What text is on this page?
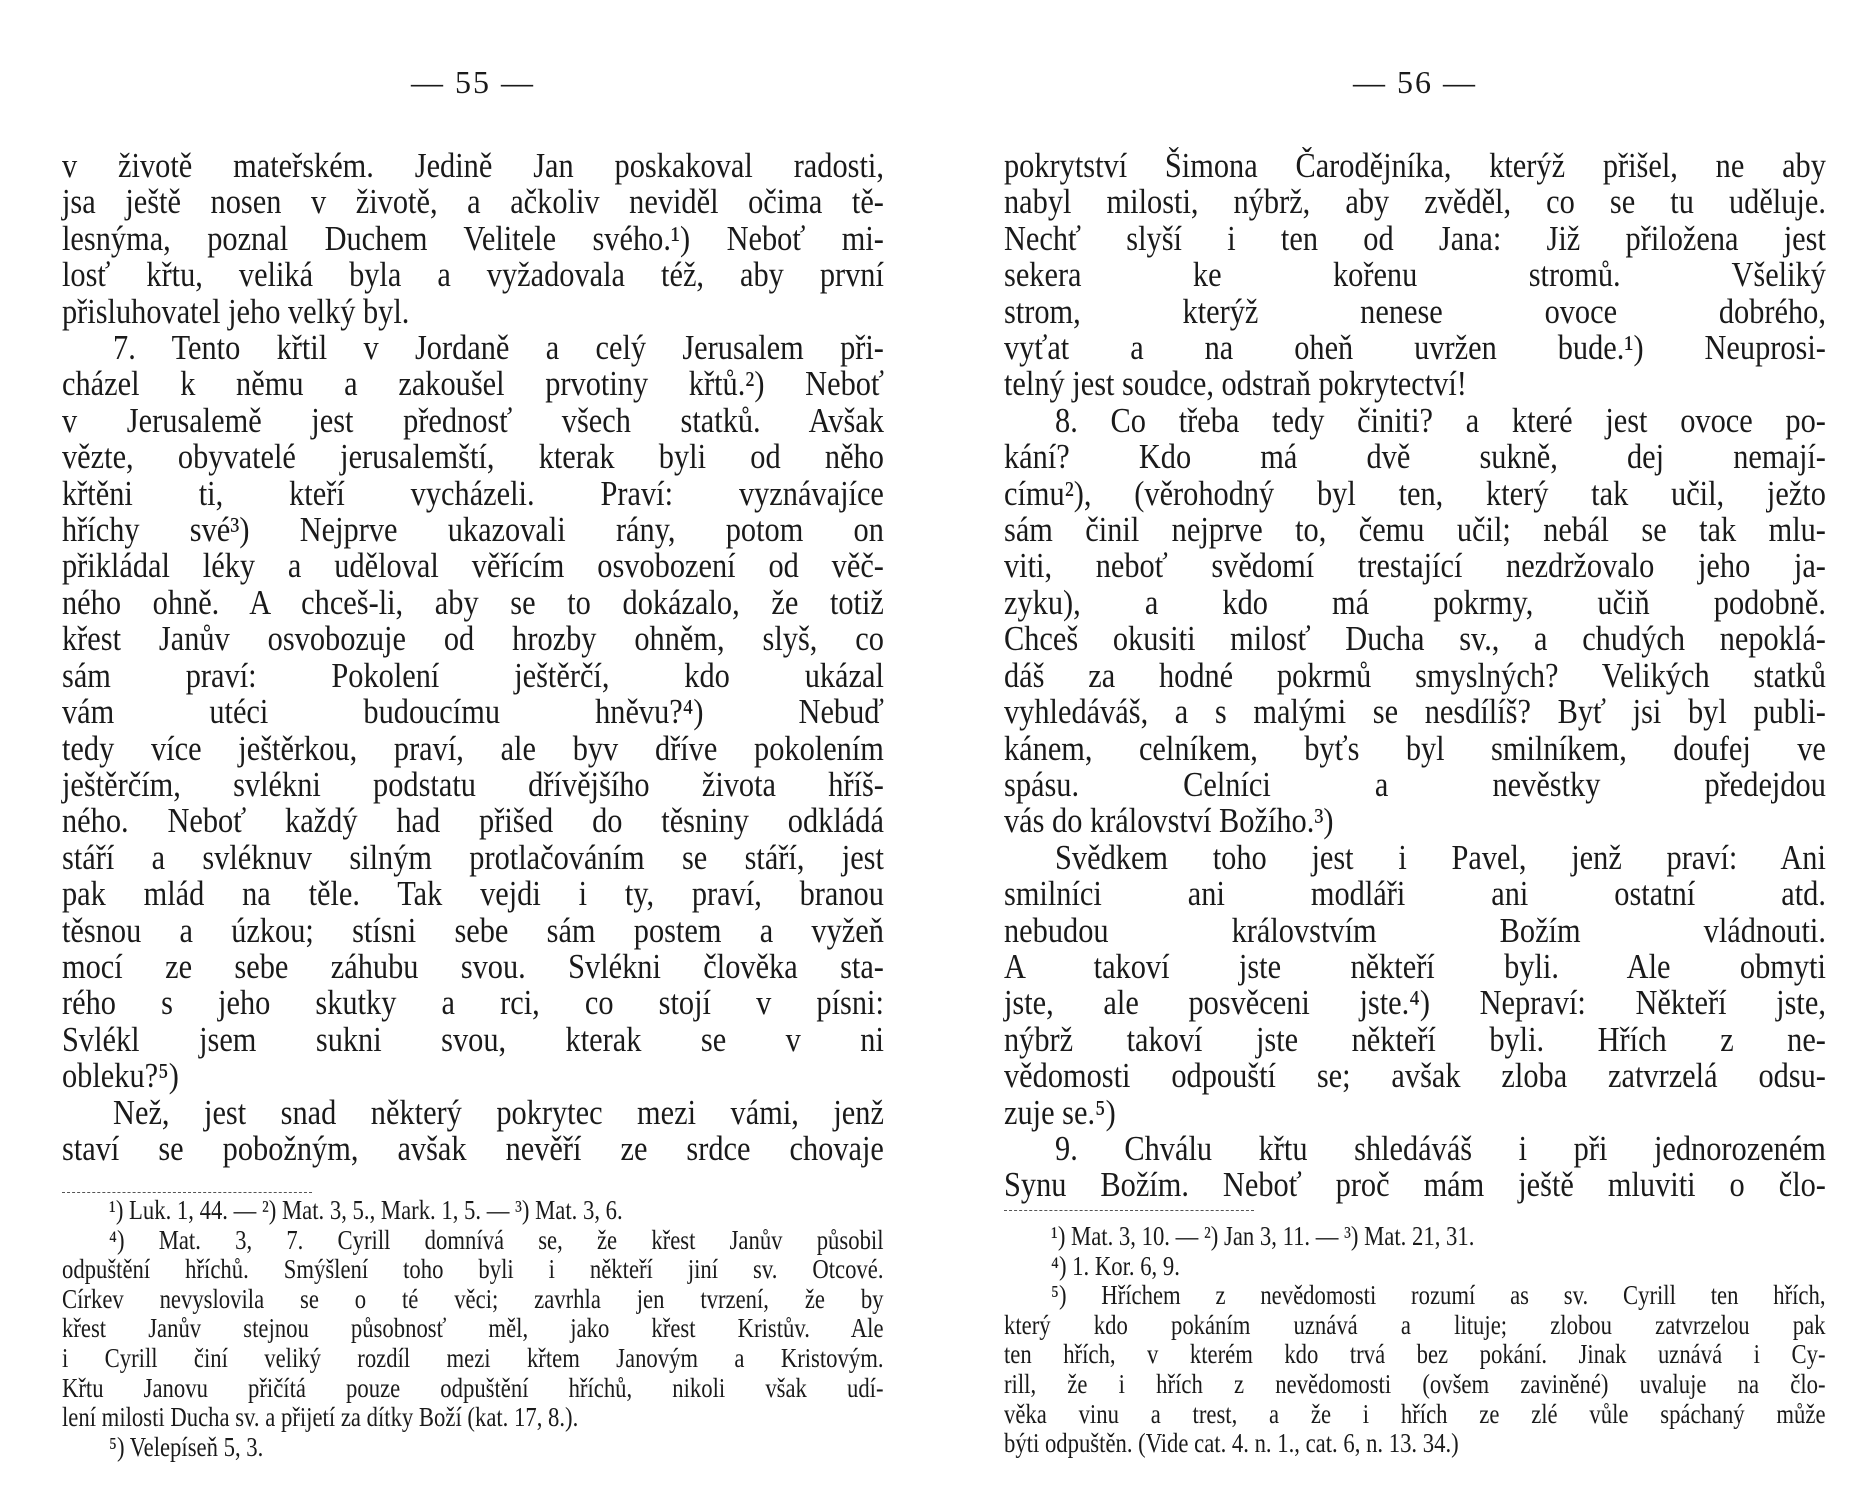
— 55 —
v životě mateřském. Jedině Jan poskakoval radosti,
jsa ještě nosen v životě, a ačkoliv neviděl očima tě-
lesnýma, poznal Duchem Velitele svého.¹) Neboť mi-
losť křtu, veliká byla a vyžadovala též, aby první
přisluhovatel jeho velký byl.
7. Tento křtil v Jordaně a celý Jerusalem při-
cházel k němu a zakoušel prvotiny křtů.²) Neboť
v Jerusalemě jest přednosť všech statků. Avšak
vězte, obyvatelé jerusalemští, kterak byli od něho
křtěni ti, kteří vycházeli. Praví: vyznávajíce
hříchy své³) Nejprve ukazovali rány, potom on
přikládal léky a uděloval věřícím osvobození od věč-
ného ohně. A chceš-li, aby se to dokázalo, že totiž
křest Janův osvobozuje od hrozby ohněm, slyš, co
sám praví: Pokolení ještěrčí, kdo ukázal
vám utéci budoucímu hněvu?⁴) Nebuď
tedy více ještěrkou, praví, ale byv dříve pokolením
ještěrčím, svlékni podstatu dřívějšího života hříš-
ného. Neboť každý had přišed do těsniny odkládá
stáří a svléknuv silným protlačováním se stáří, jest
pak mlád na těle. Tak vejdi i ty, praví, branou
těsnou a úzkou; stísni sebe sám postem a vyžeň
mocí ze sebe záhubu svou. Svlékni člověka sta-
rého s jeho skutky a rci, co stojí v písni:
Svlékl jsem sukni svou, kterak se v ni
obleku?⁵)
Než, jest snad některý pokrytec mezi vámi, jenž
staví se pobožným, avšak nevěří ze srdce chovaje
¹) Luk. 1, 44. — ²) Mat. 3, 5., Mark. 1, 5. — ³) Mat. 3, 6.
⁴) Mat. 3, 7. Cyrill domnívá se, že křest Janův působil
odpuštění hříchů. Smýšlení toho byli i někteří jiní sv. Otcové.
Církev nevyslovila se o té věci; zavrhla jen tvrzení, že by
křest Janův stejnou působnosť měl, jako křest Kristův. Ale
i Cyrill činí veliký rozdíl mezi křtem Janovým a Kristovým.
Křtu Janovu přičítá pouze odpuštění hříchů, nikoli však udí-
lení milosti Ducha sv. a přijetí za dítky Boží (kat. 17, 8.).
⁵) Velepíseň 5, 3.
— 56 —
pokrytství Šimona Čarodějníka, kterýž přišel, ne aby
nabyl milosti, nýbrž, aby zvěděl, co se tu uděluje.
Nechť slyší i ten od Jana: Již přiložena jest
sekera ke kořenu stromů. Všeliký
strom, kterýž nenese ovoce dobrého,
vyťat a na oheň uvržen bude.¹) Neuprosi-
telný jest soudce, odstraň pokrytectví!
8. Co třeba tedy činiti? a které jest ovoce po-
kání? Kdo má dvě sukně, dej nemají-
címu²), (věrohodný byl ten, který tak učil, ježto
sám činil nejprve to, čemu učil; nebál se tak mlu-
viti, neboť svědomí trestající nezdržovalo jeho ja-
zyku), a kdo má pokrmy, učiň podobně.
Chceš okusiti milosť Ducha sv., a chudých nepoklá-
dáš za hodné pokrmů smyslných? Velikých statků
vyhledáváš, a s malými se nesdílíš? Byť jsi byl publi-
kánem, celníkem, byťs byl smilníkem, doufej ve
spásu. Celníci a nevěstky předejdou
vás do království Božího.³)
Svědkem toho jest i Pavel, jenž praví: Ani
smilníci ani modláři ani ostatní atd.
nebudou královstvím Božím vládnouti.
A takoví jste někteří byli. Ale obmyti
jste, ale posvěceni jste.⁴) Nepraví: Někteří jste,
nýbrž takoví jste někteří byli. Hřích z ne-
vědomosti odpouští se; avšak zloba zatvrzelá odsu-
zuje se.⁵)
9. Chválu křtu shledáváš i při jednorozeném
Synu Božím. Neboť proč mám ještě mluviti o člo-
¹) Mat. 3, 10. — ²) Jan 3, 11. — ³) Mat. 21, 31.
⁴) 1. Kor. 6, 9.
⁵) Hříchem z nevědomosti rozumí as sv. Cyrill ten hřích,
který kdo pokáním uznává a lituje; zlobou zatvrzelou pak
ten hřích, v kterém kdo trvá bez pokání. Jinak uznává i Cy-
rill, že i hřích z nevědomosti (ovšem zaviněné) uvaluje na člo-
věka vinu a trest, a že i hřích ze zlé vůle spáchaný může
býti odpuštěn. (Vide cat. 4. n. 1., cat. 6, n. 13. 34.)
